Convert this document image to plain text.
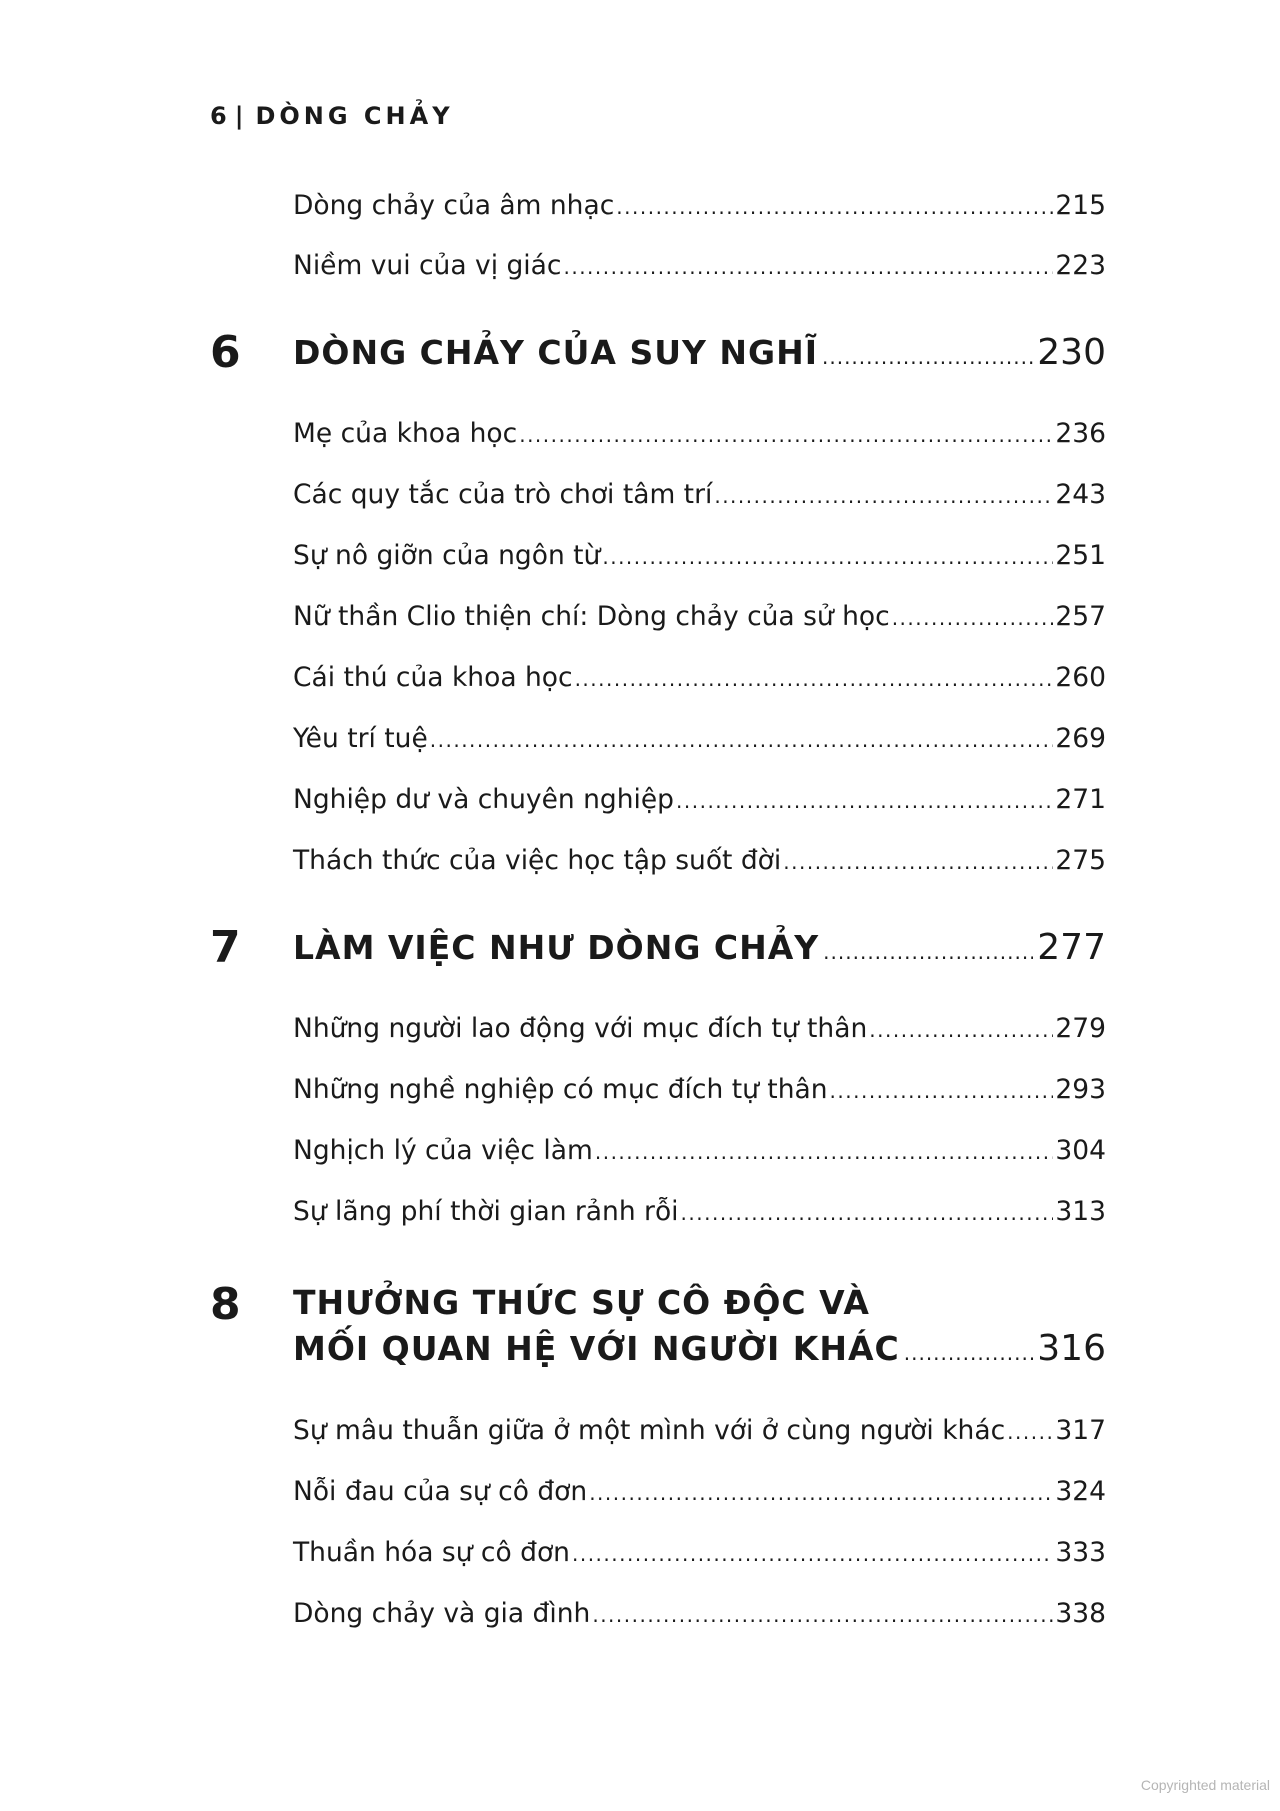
6 | DÒNG CHẢY
Dòng chảy của âm nhạc .....	215
Niềm vui của vị giác .....	223
6 DÒNG CHẢY CỦA SUY NGHĨ .....	230
Mẹ của khoa học .....	236
Các quy tắc của trò chơi tâm trí .....	243
Sự nô giỡn của ngôn từ .....	251
Nữ thần Clio thiện chí: Dòng chảy của sử học .....	257
Cái thú của khoa học .....	260
Yêu trí tuệ .....	269
Nghiệp dư và chuyên nghiệp .....	271
Thách thức của việc học tập suốt đời .....	275
7 LÀM VIỆC NHƯ DÒNG CHẢY .....	277
Những người lao động với mục đích tự thân .....	279
Những nghề nghiệp có mục đích tự thân .....	293
Nghịch lý của việc làm .....	304
Sự lãng phí thời gian rảnh rỗi .....	313
8 THƯỞNG THỨC SỰ CÔ ĐỘC VÀ
MỐI QUAN HỆ VỚI NGƯỜI KHÁC .....	316
Sự mâu thuẫn giữa ở một mình với ở cùng người khác ..... 317
Nỗi đau của sự cô đơn .....	324
Thuần hóa sự cô đơn .....	333
Dòng chảy và gia đình .....	338
Copyrighted material
